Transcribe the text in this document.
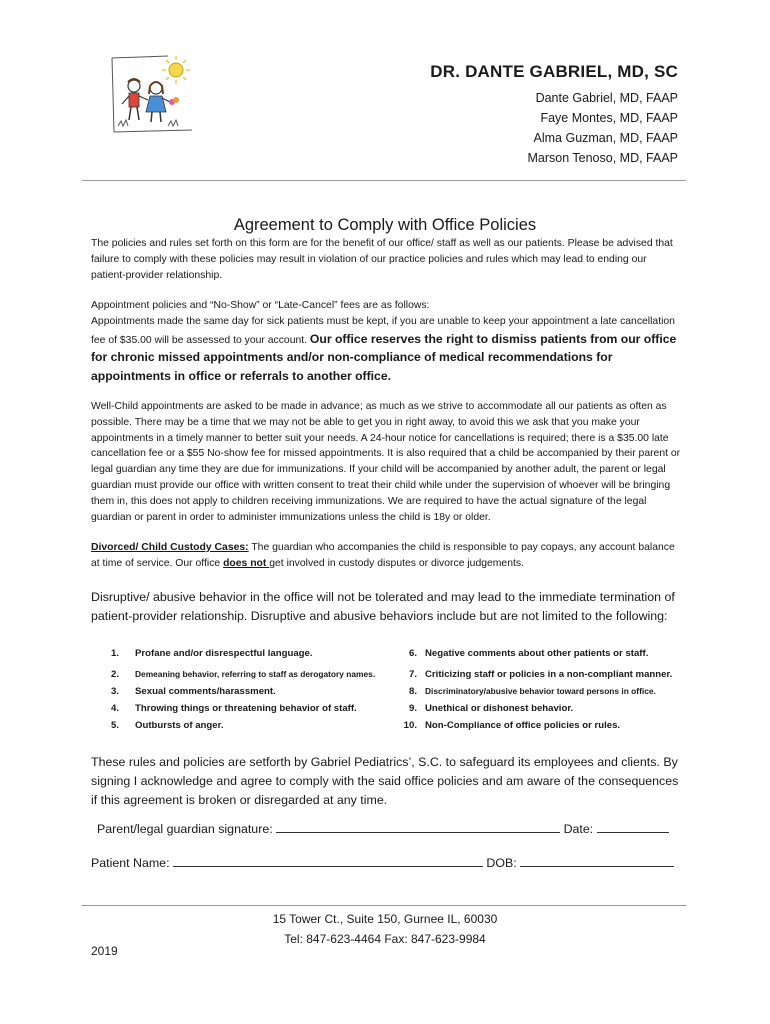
DR. DANTE GABRIEL, MD, SC
Dante Gabriel, MD, FAAP
Faye Montes, MD, FAAP
Alma Guzman, MD, FAAP
Marson Tenoso, MD, FAAP
Agreement to Comply with Office Policies
The policies and rules set forth on this form are for the benefit of our office/ staff as well as our patients. Please be advised that failure to comply with these policies may result in violation of our practice policies and rules which may lead to ending our patient-provider relationship.
Appointment policies and “No-Show” or “Late-Cancel” fees are as follows:
Appointments made the same day for sick patients must be kept, if you are unable to keep your appointment a late cancellation fee of $35.00 will be assessed to your account. Our office reserves the right to dismiss patients from our office for chronic missed appointments and/or non-compliance of medical recommendations for appointments in office or referrals to another office.
Well-Child appointments are asked to be made in advance; as much as we strive to accommodate all our patients as often as possible. There may be a time that we may not be able to get you in right away, to avoid this we ask that you make your appointments in a timely manner to better suit your needs. A 24-hour notice for cancellations is required; there is a $35.00 late cancellation fee or a $55 No-show fee for missed appointments. It is also required that a child be accompanied by their parent or legal guardian any time they are due for immunizations. If your child will be accompanied by another adult, the parent or legal guardian must provide our office with written consent to treat their child while under the supervision of whoever will be bringing them in, this does not apply to children receiving immunizations. We are required to have the actual signature of the legal guardian or parent in order to administer immunizations unless the child is 18y or older.
Divorced/ Child Custody Cases: The guardian who accompanies the child is responsible to pay copays, any account balance at time of service. Our office does not get involved in custody disputes or divorce judgements.
Disruptive/ abusive behavior in the office will not be tolerated and may lead to the immediate termination of patient-provider relationship. Disruptive and abusive behaviors include but are not limited to the following:
1. Profane and/or disrespectful language.	6. Negative comments about other patients or staff.
2. Demeaning behavior, referring to staff as derogatory names.	7. Criticizing staff or policies in a non-compliant manner.
3. Sexual comments/harassment.	8. Discriminatory/abusive behavior toward persons in office.
4. Throwing things or threatening behavior of staff.	9. Unethical or dishonest behavior.
5. Outbursts of anger.	10. Non-Compliance of office policies or rules.
These rules and policies are setforth by Gabriel Pediatrics’, S.C. to safeguard its employees and clients. By signing I acknowledge and agree to comply with the said office policies and am aware of the consequences if this agreement is broken or disregarded at any time.
Parent/legal guardian signature:	Date:
Patient Name:	DOB:
15 Tower Ct., Suite 150, Gurnee IL, 60030
Tel: 847-623-4464 Fax: 847-623-9984
2019
